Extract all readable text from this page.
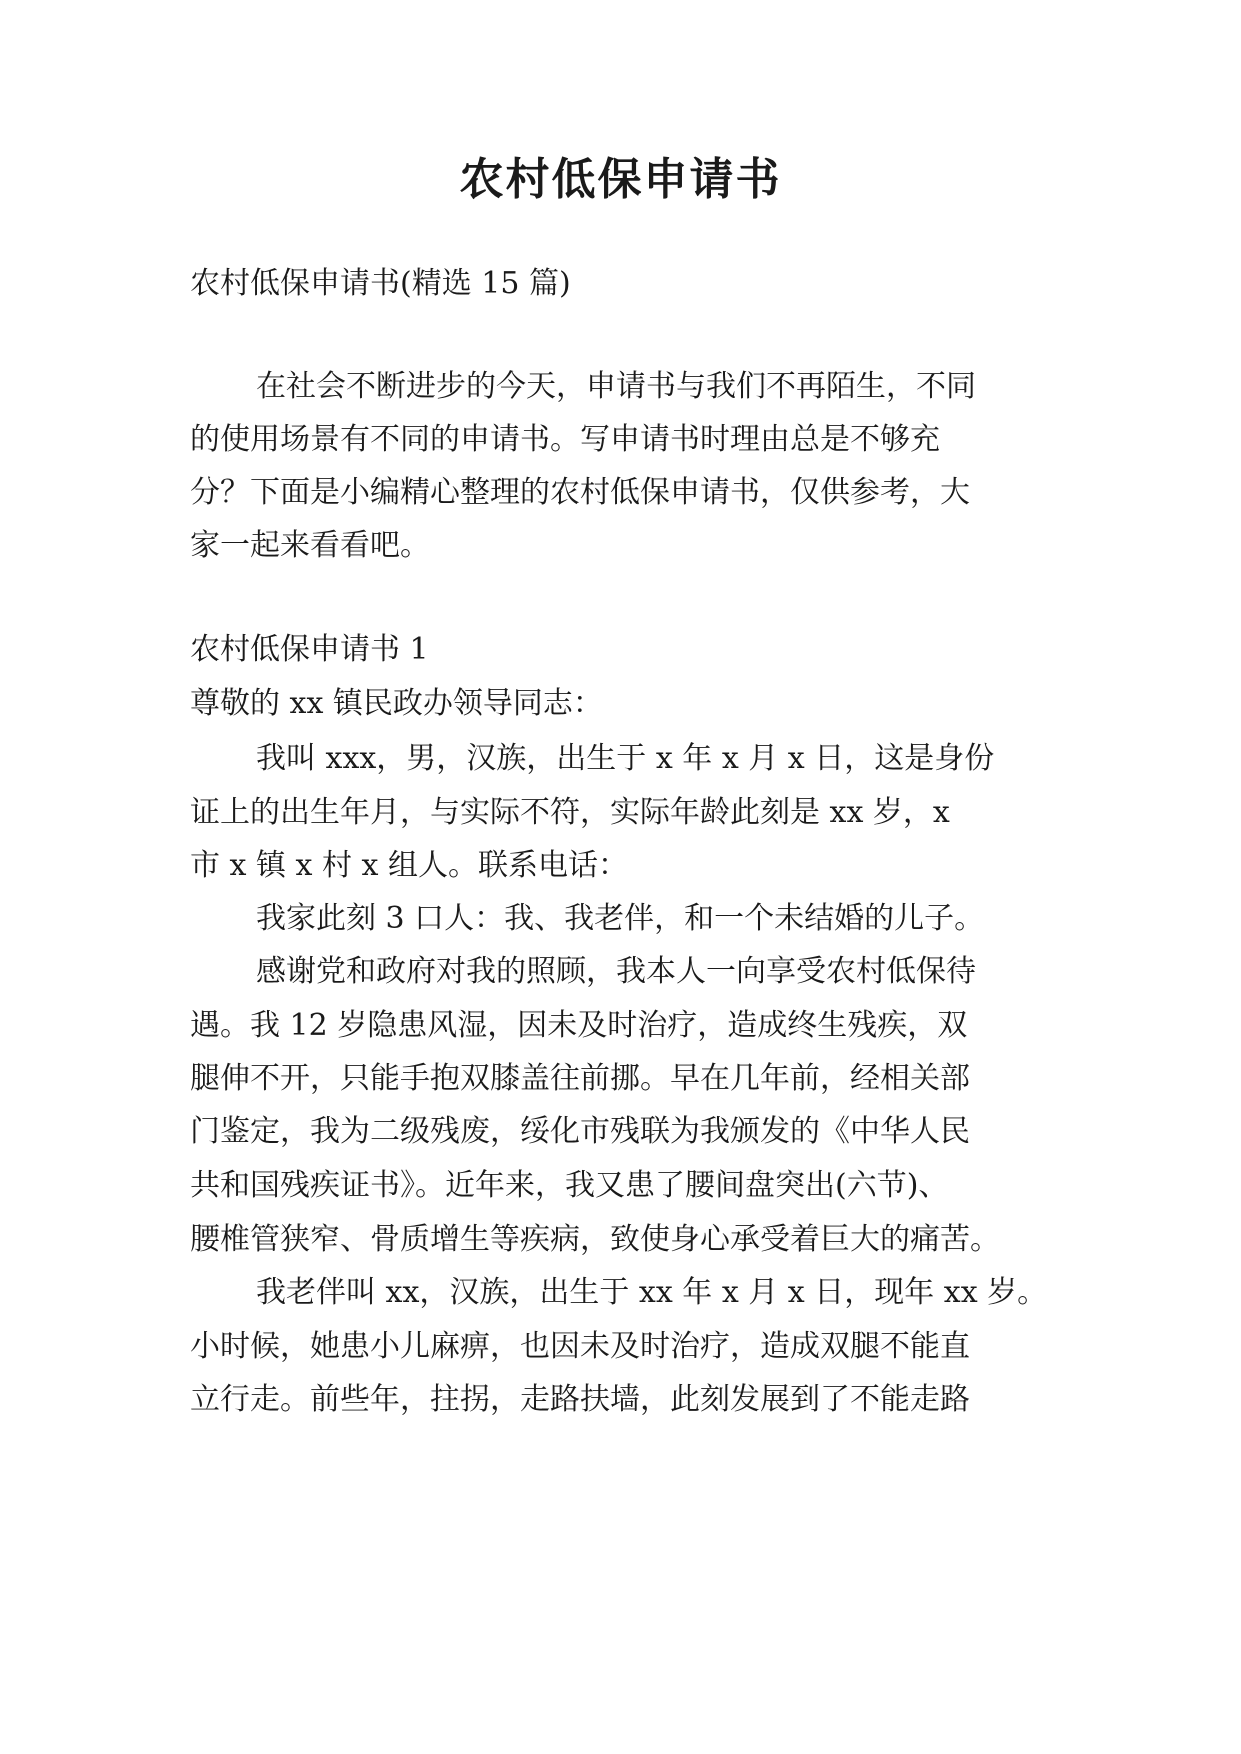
农村低保申请书
农村低保申请书(精选 15 篇)
在社会不断进步的今天，申请书与我们不再陌生，不同
的使用场景有不同的申请书。写申请书时理由总是不够充
分？下面是小编精心整理的农村低保申请书，仅供参考，大
家一起来看看吧。
农村低保申请书 1
尊敬的 xx 镇民政办领导同志：
我叫 xxx，男，汉族，出生于 x 年 x 月 x 日，这是身份
证上的出生年月，与实际不符，实际年龄此刻是 xx 岁，x
市 x 镇 x 村 x 组人。联系电话：
我家此刻 3 口人：我、我老伴，和一个未结婚的儿子。
感谢党和政府对我的照顾，我本人一向享受农村低保待
遇。我 12 岁隐患风湿，因未及时治疗，造成终生残疾，双
腿伸不开，只能手抱双膝盖往前挪。早在几年前，经相关部
门鉴定，我为二级残废，绥化市残联为我颁发的《中华人民
共和国残疾证书》。近年来，我又患了腰间盘突出(六节)、
腰椎管狭窄、骨质增生等疾病，致使身心承受着巨大的痛苦。
我老伴叫 xx，汉族，出生于 xx 年 x 月 x 日，现年 xx 岁。
小时候，她患小儿麻痹，也因未及时治疗，造成双腿不能直
立行走。前些年，拄拐，走路扶墙，此刻发展到了不能走路
